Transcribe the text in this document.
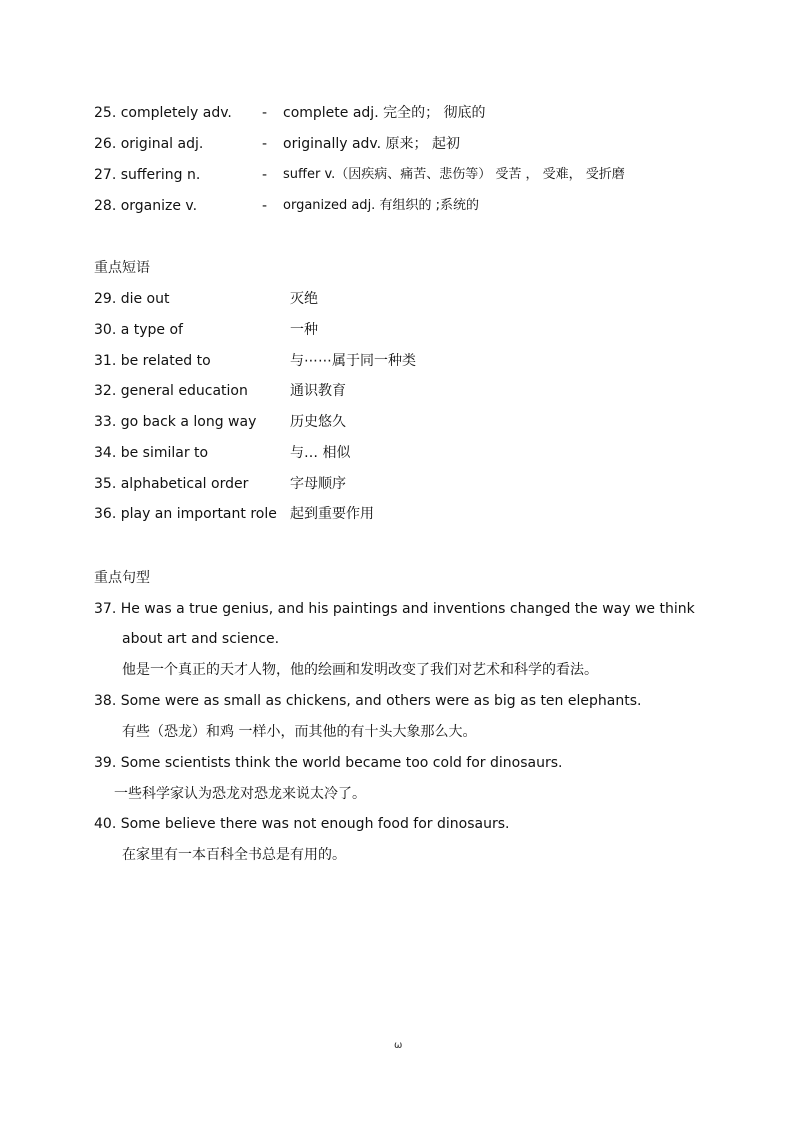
25. completely adv. - complete adj. 完全的； 彻底的
26. original adj.	- originally adv. 原来； 起初
27. suffering n.	- suffer v.（因疾病、痛苦、悲伤等） 受苦 ， 受难， 受折磨
28. organize v.	- organized adj. 有组织的 ;系统的
重点短语
29. die out	灭绝
30. a type of	一种
31. be related to	与⋯⋯属于同一种类
32. general education	通识教育
33. go back a long way 历史悠久
34. be similar to	与… 相似
35. alphabetical order	字母顺序
36. play an important role 起到重要作用
重点句型
37. He was a true genius, and his paintings and inventions changed the way we think
about art and science.
他是一个真正的天才人物，他的绘画和发明改变了我们对艺术和科学的看法。
38. Some were as small as chickens, and others were as big as ten elephants.
有些（恐龙）和鸡 一样小，而其他的有十头大象那么大。
39. Some scientists think the world became too cold for dinosaurs.
一些科学家认为恐龙对恐龙来说太冷了。
40. Some believe there was not enough food for dinosaurs.
在家里有一本百科全书总是有用的。
ω
